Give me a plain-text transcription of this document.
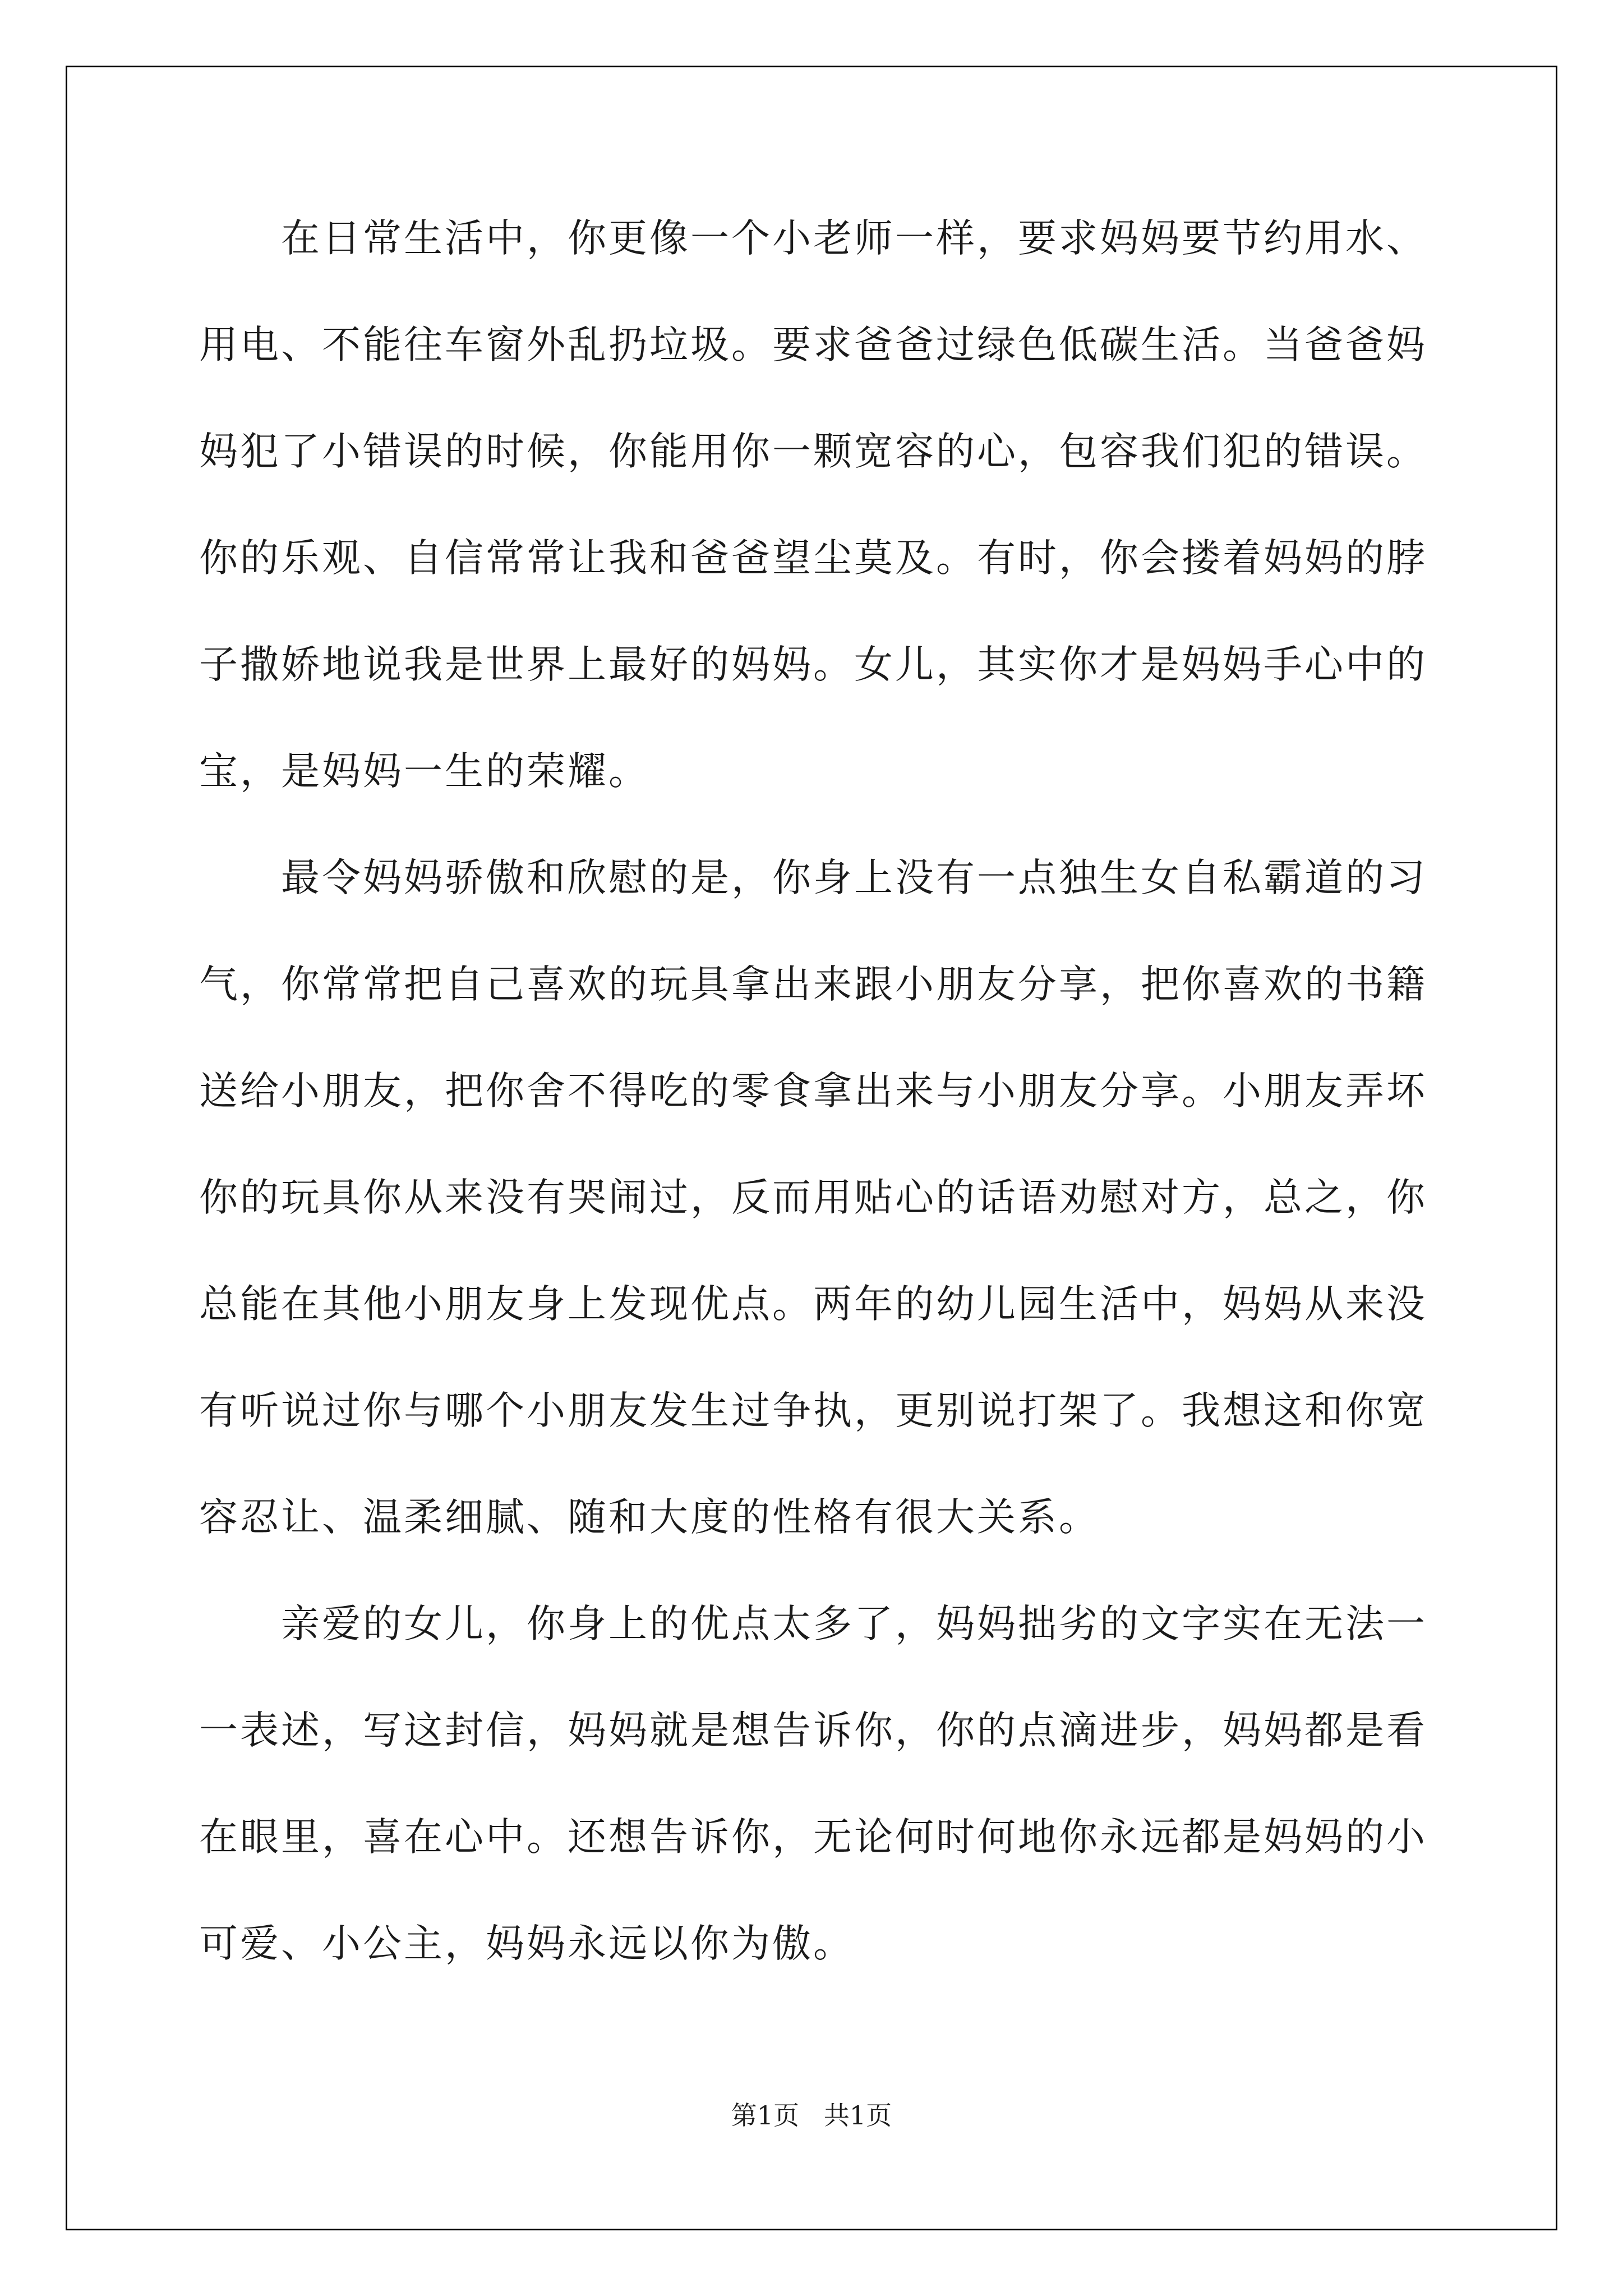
在日常生活中，你更像一个小老师一样，要求妈妈要节约用水、用电、不能往车窗外乱扔垃圾。要求爸爸过绿色低碳生活。当爸爸妈妈犯了小错误的时候，你能用你一颗宽容的心，包容我们犯的错误。你的乐观、自信常常让我和爸爸望尘莫及。有时，你会搂着妈妈的脖子撒娇地说我是世界上最好的妈妈。女儿，其实你才是妈妈手心中的宝，是妈妈一生的荣耀。

最令妈妈骄傲和欣慰的是，你身上没有一点独生女自私霸道的习气，你常常把自己喜欢的玩具拿出来跟小朋友分享，把你喜欢的书籍送给小朋友，把你舍不得吃的零食拿出来与小朋友分享。小朋友弄坏你的玩具你从来没有哭闹过，反而用贴心的话语劝慰对方，总之，你总能在其他小朋友身上发现优点。两年的幼儿园生活中，妈妈从来没有听说过你与哪个小朋友发生过争执，更别说打架了。我想这和你宽容忍让、温柔细腻、随和大度的性格有很大关系。

亲爱的女儿，你身上的优点太多了，妈妈拙劣的文字实在无法一一表述，写这封信，妈妈就是想告诉你，你的点滴进步，妈妈都是看在眼里，喜在心中。还想告诉你，无论何时何地你永远都是妈妈的小可爱、小公主，妈妈永远以你为傲。

第1页   共1页
